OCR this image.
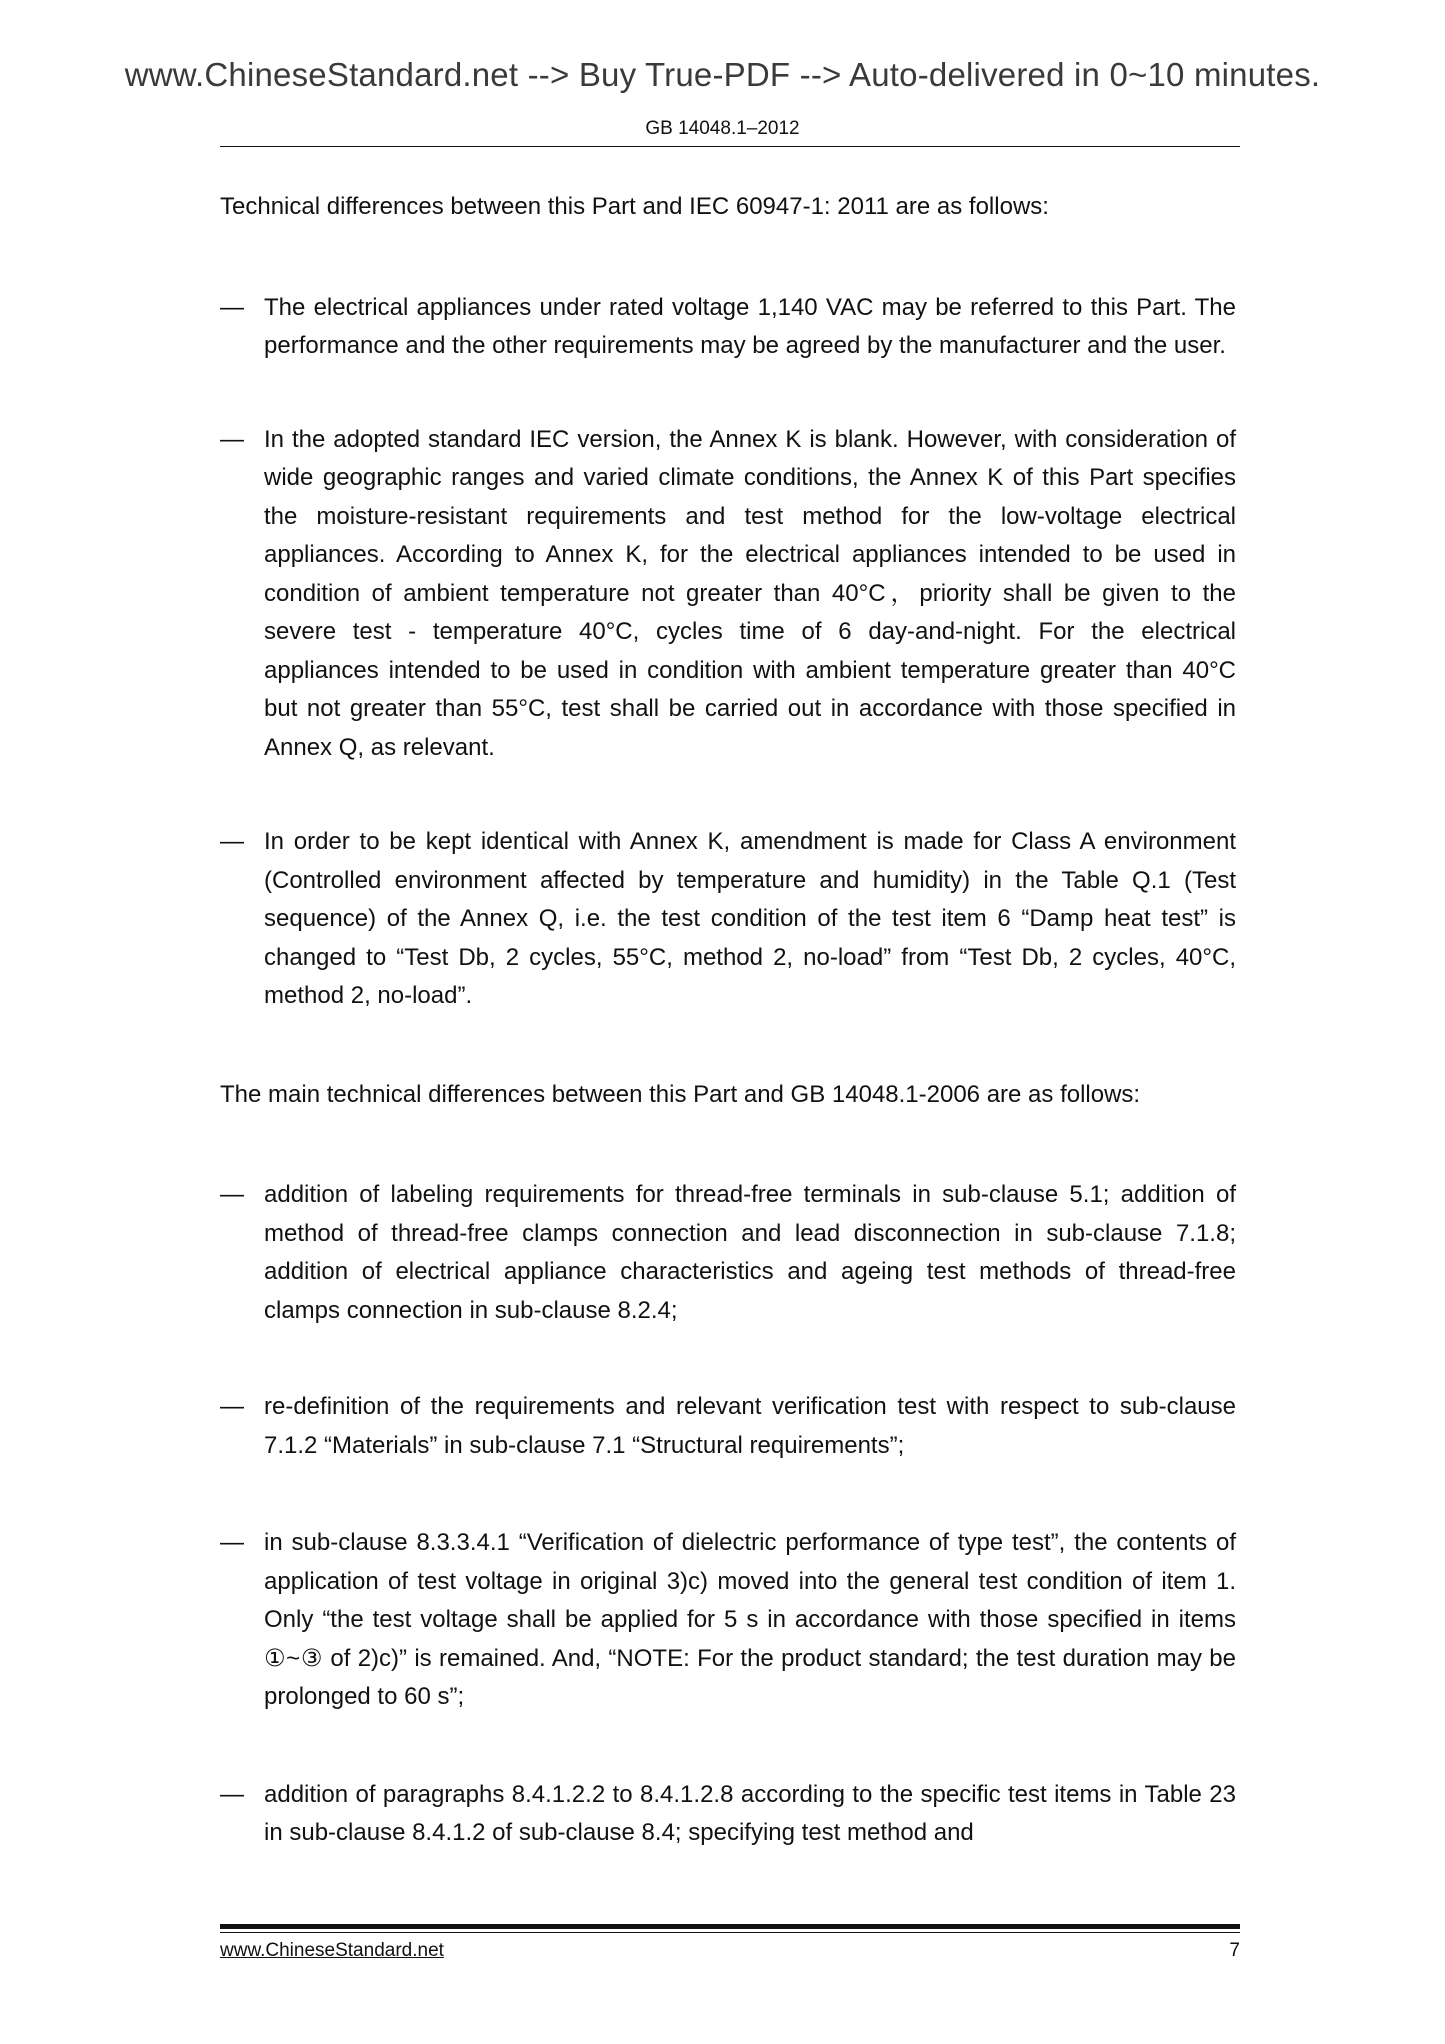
www.ChineseStandard.net --> Buy True-PDF --> Auto-delivered in 0~10 minutes.
GB 14048.1–2012

Technical differences between this Part and IEC 60947-1: 2011 are as follows:

— The electrical appliances under rated voltage 1,140 VAC may be referred to this Part. The performance and the other requirements may be agreed by the manufacturer and the user.
— In the adopted standard IEC version, the Annex K is blank. However, with consideration of wide geographic ranges and varied climate conditions, the Annex K of this Part specifies the moisture-resistant requirements and test method for the low-voltage electrical appliances. According to Annex K, for the electrical appliances intended to be used in condition of ambient temperature not greater than 40°C，priority shall be given to the severe test - temperature 40°C, cycles time of 6 day-and-night. For the electrical appliances intended to be used in condition with ambient temperature greater than 40°C but not greater than 55°C, test shall be carried out in accordance with those specified in Annex Q, as relevant.
— In order to be kept identical with Annex K, amendment is made for Class A environment (Controlled environment affected by temperature and humidity) in the Table Q.1 (Test sequence) of the Annex Q, i.e. the test condition of the test item 6 “Damp heat test” is changed to “Test Db, 2 cycles, 55°C, method 2, no-load” from “Test Db, 2 cycles, 40°C, method 2, no-load”.

The main technical differences between this Part and GB 14048.1-2006 are as follows:

— addition of labeling requirements for thread-free terminals in sub-clause 5.1; addition of method of thread-free clamps connection and lead disconnection in sub-clause 7.1.8; addition of electrical appliance characteristics and ageing test methods of thread-free clamps connection in sub-clause 8.2.4;
— re-definition of the requirements and relevant verification test with respect to sub-clause 7.1.2 “Materials” in sub-clause 7.1 “Structural requirements”;
— in sub-clause 8.3.3.4.1 “Verification of dielectric performance of type test”, the contents of application of test voltage in original 3)c) moved into the general test condition of item 1. Only “the test voltage shall be applied for 5 s in accordance with those specified in items ①~③ of 2)c)” is remained. And, “NOTE: For the product standard; the test duration may be prolonged to 60 s”;
— addition of paragraphs 8.4.1.2.2 to 8.4.1.2.8 according to the specific test items in Table 23 in sub-clause 8.4.1.2 of sub-clause 8.4; specifying test method and
www.ChineseStandard.net	7
